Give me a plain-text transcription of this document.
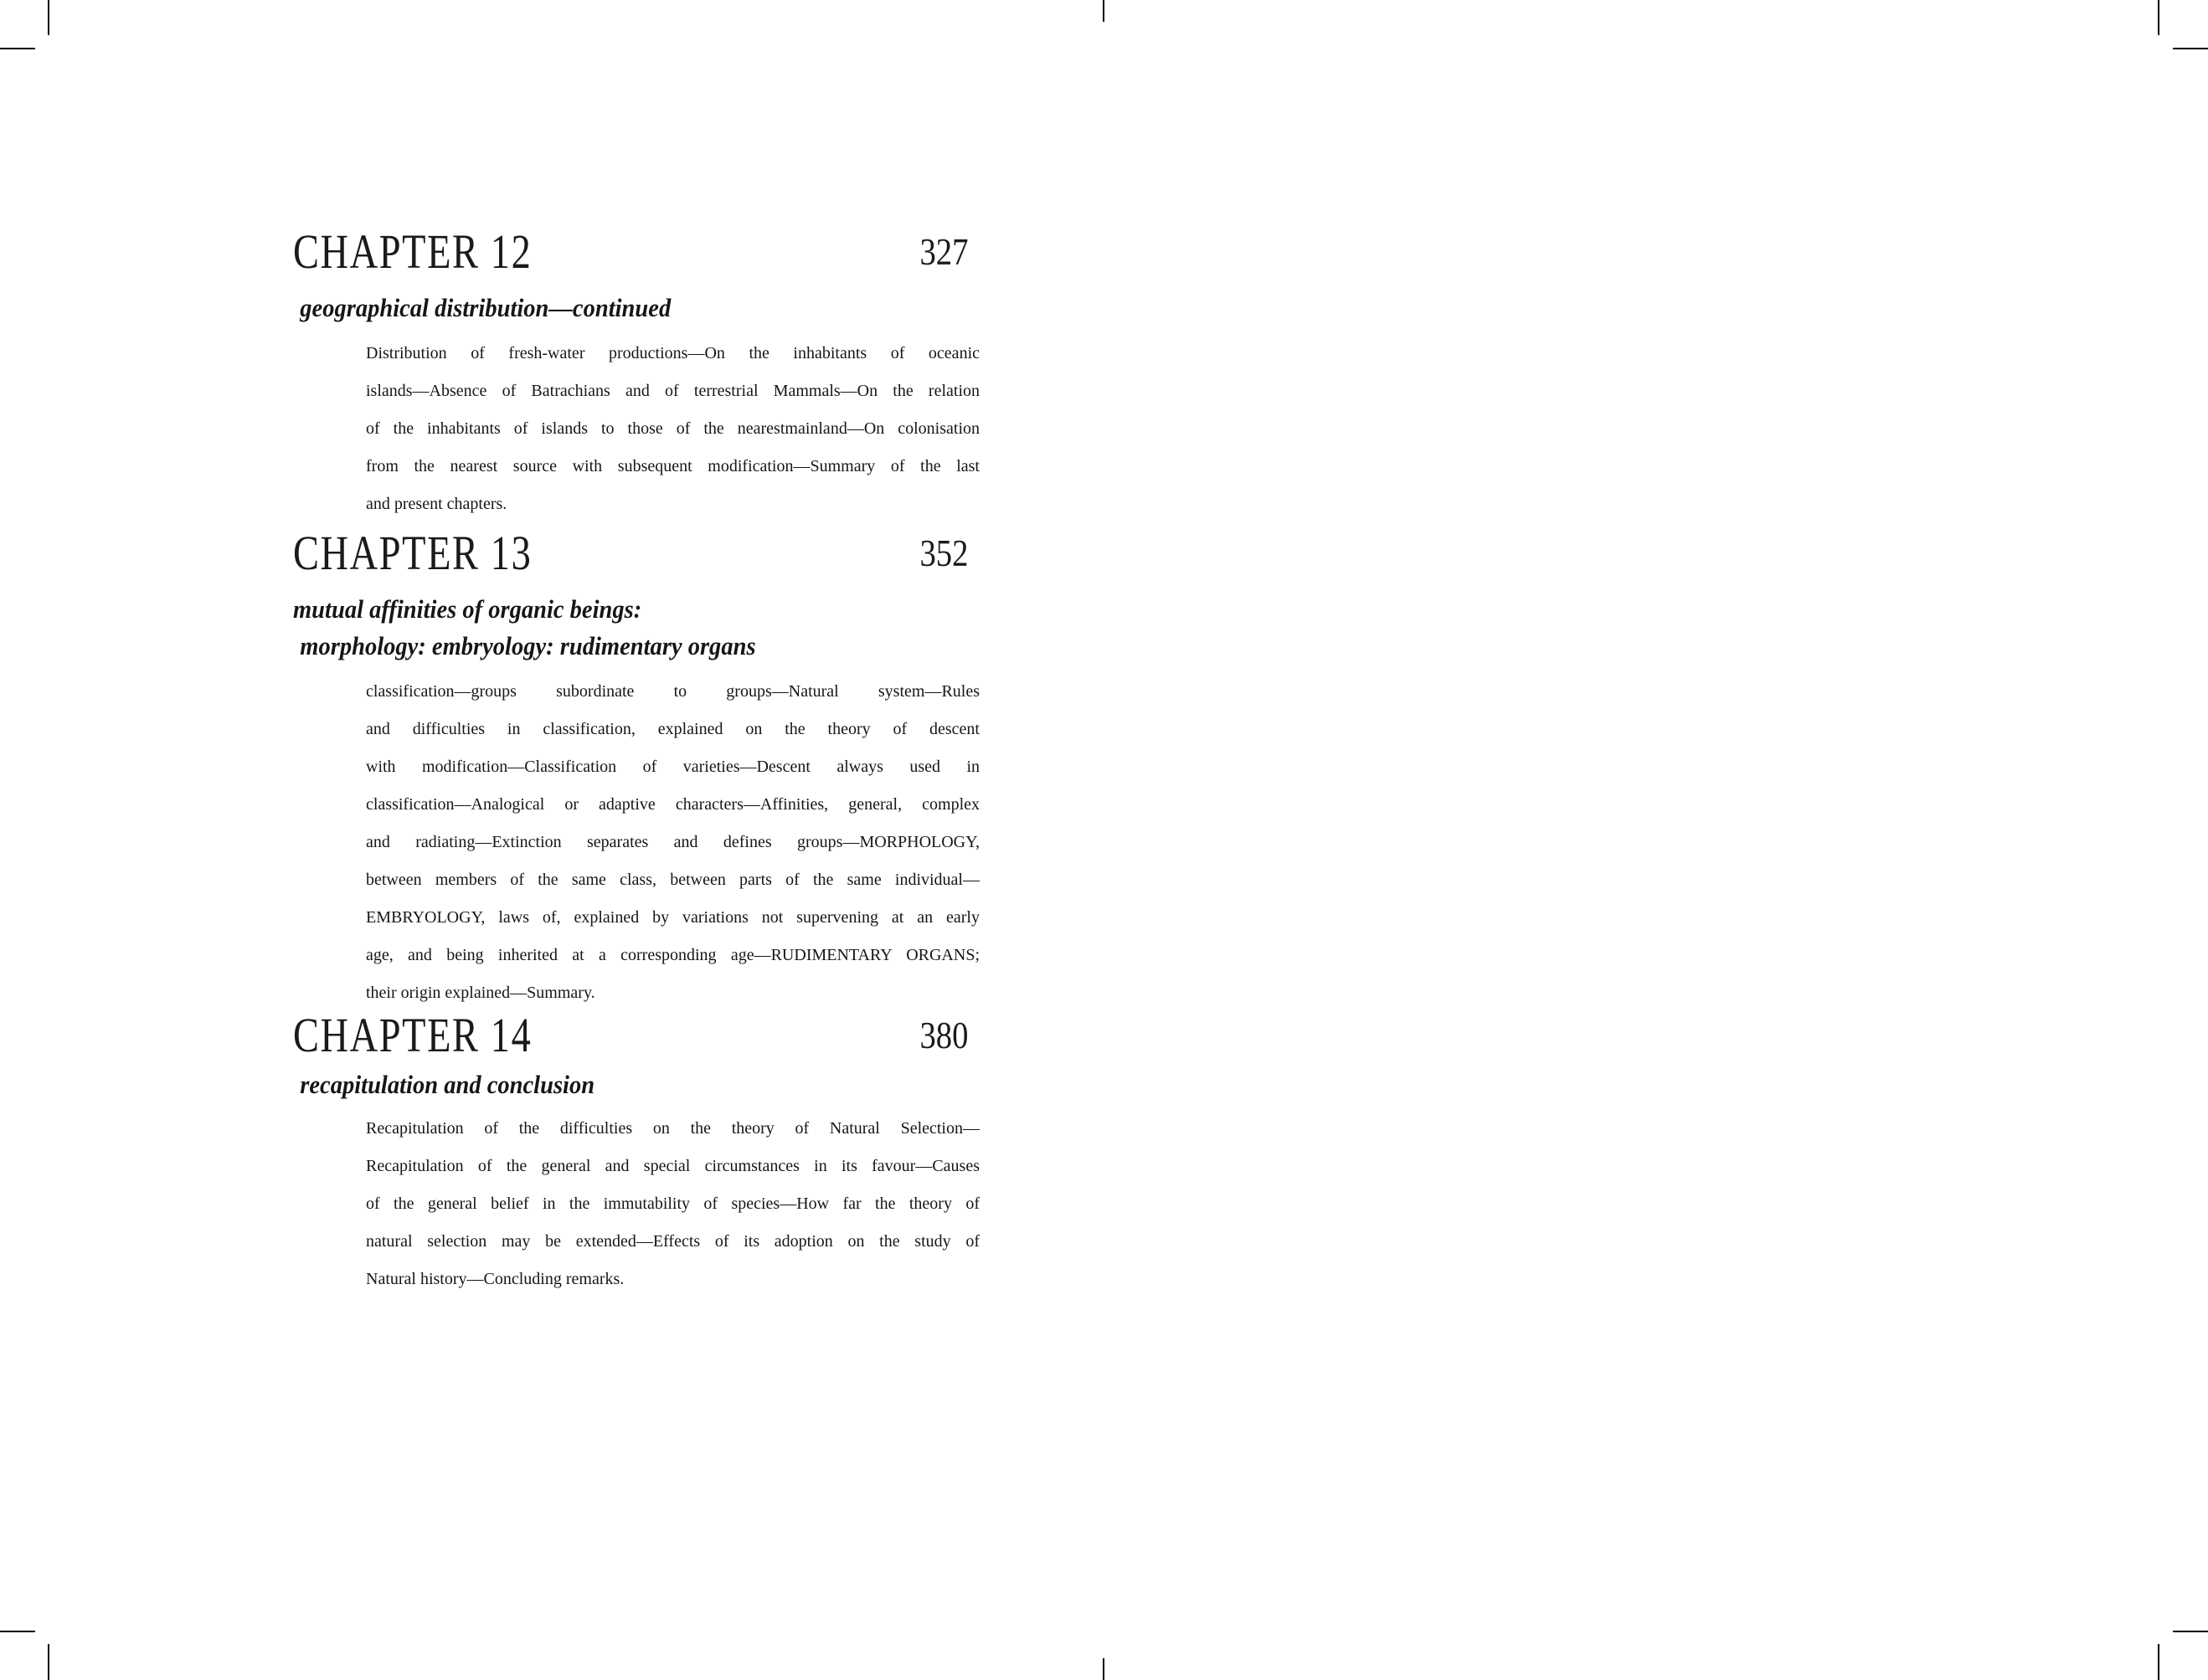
CHAPTER 12	327
geographical distribution—continued
Distribution of fresh-water productions—On the inhabitants of oceanic
islands—Absence of Batrachians and of terrestrial Mammals—On the relation
of the inhabitants of islands to those of the nearestmainland—On colonisation
from the nearest source with subsequent modification—Summary of the last
and present chapters.
CHAPTER 13	352
mutual affinities of organic beings:
morphology: embryology: rudimentary organs
classification—groups subordinate to groups—Natural system—Rules
and difficulties in classification, explained on the theory of descent
with modification—Classification of varieties—Descent always used in
classification—Analogical or adaptive characters—Affinities, general, complex
and radiating—Extinction separates and defines groups—MORPHOLOGY,
between members of the same class, between parts of the same individual—
EMBRYOLOGY, laws of, explained by variations not supervening at an early
age, and being inherited at a corresponding age—RUDIMENTARY ORGANS;
their origin explained—Summary.
CHAPTER 14	380
recapitulation and conclusion
Recapitulation of the difficulties on the theory of Natural Selection—
Recapitulation of the general and special circumstances in its favour—Causes
of the general belief in the immutability of species—How far the theory of
natural selection may be extended—Effects of its adoption on the study of
Natural history—Concluding remarks.
